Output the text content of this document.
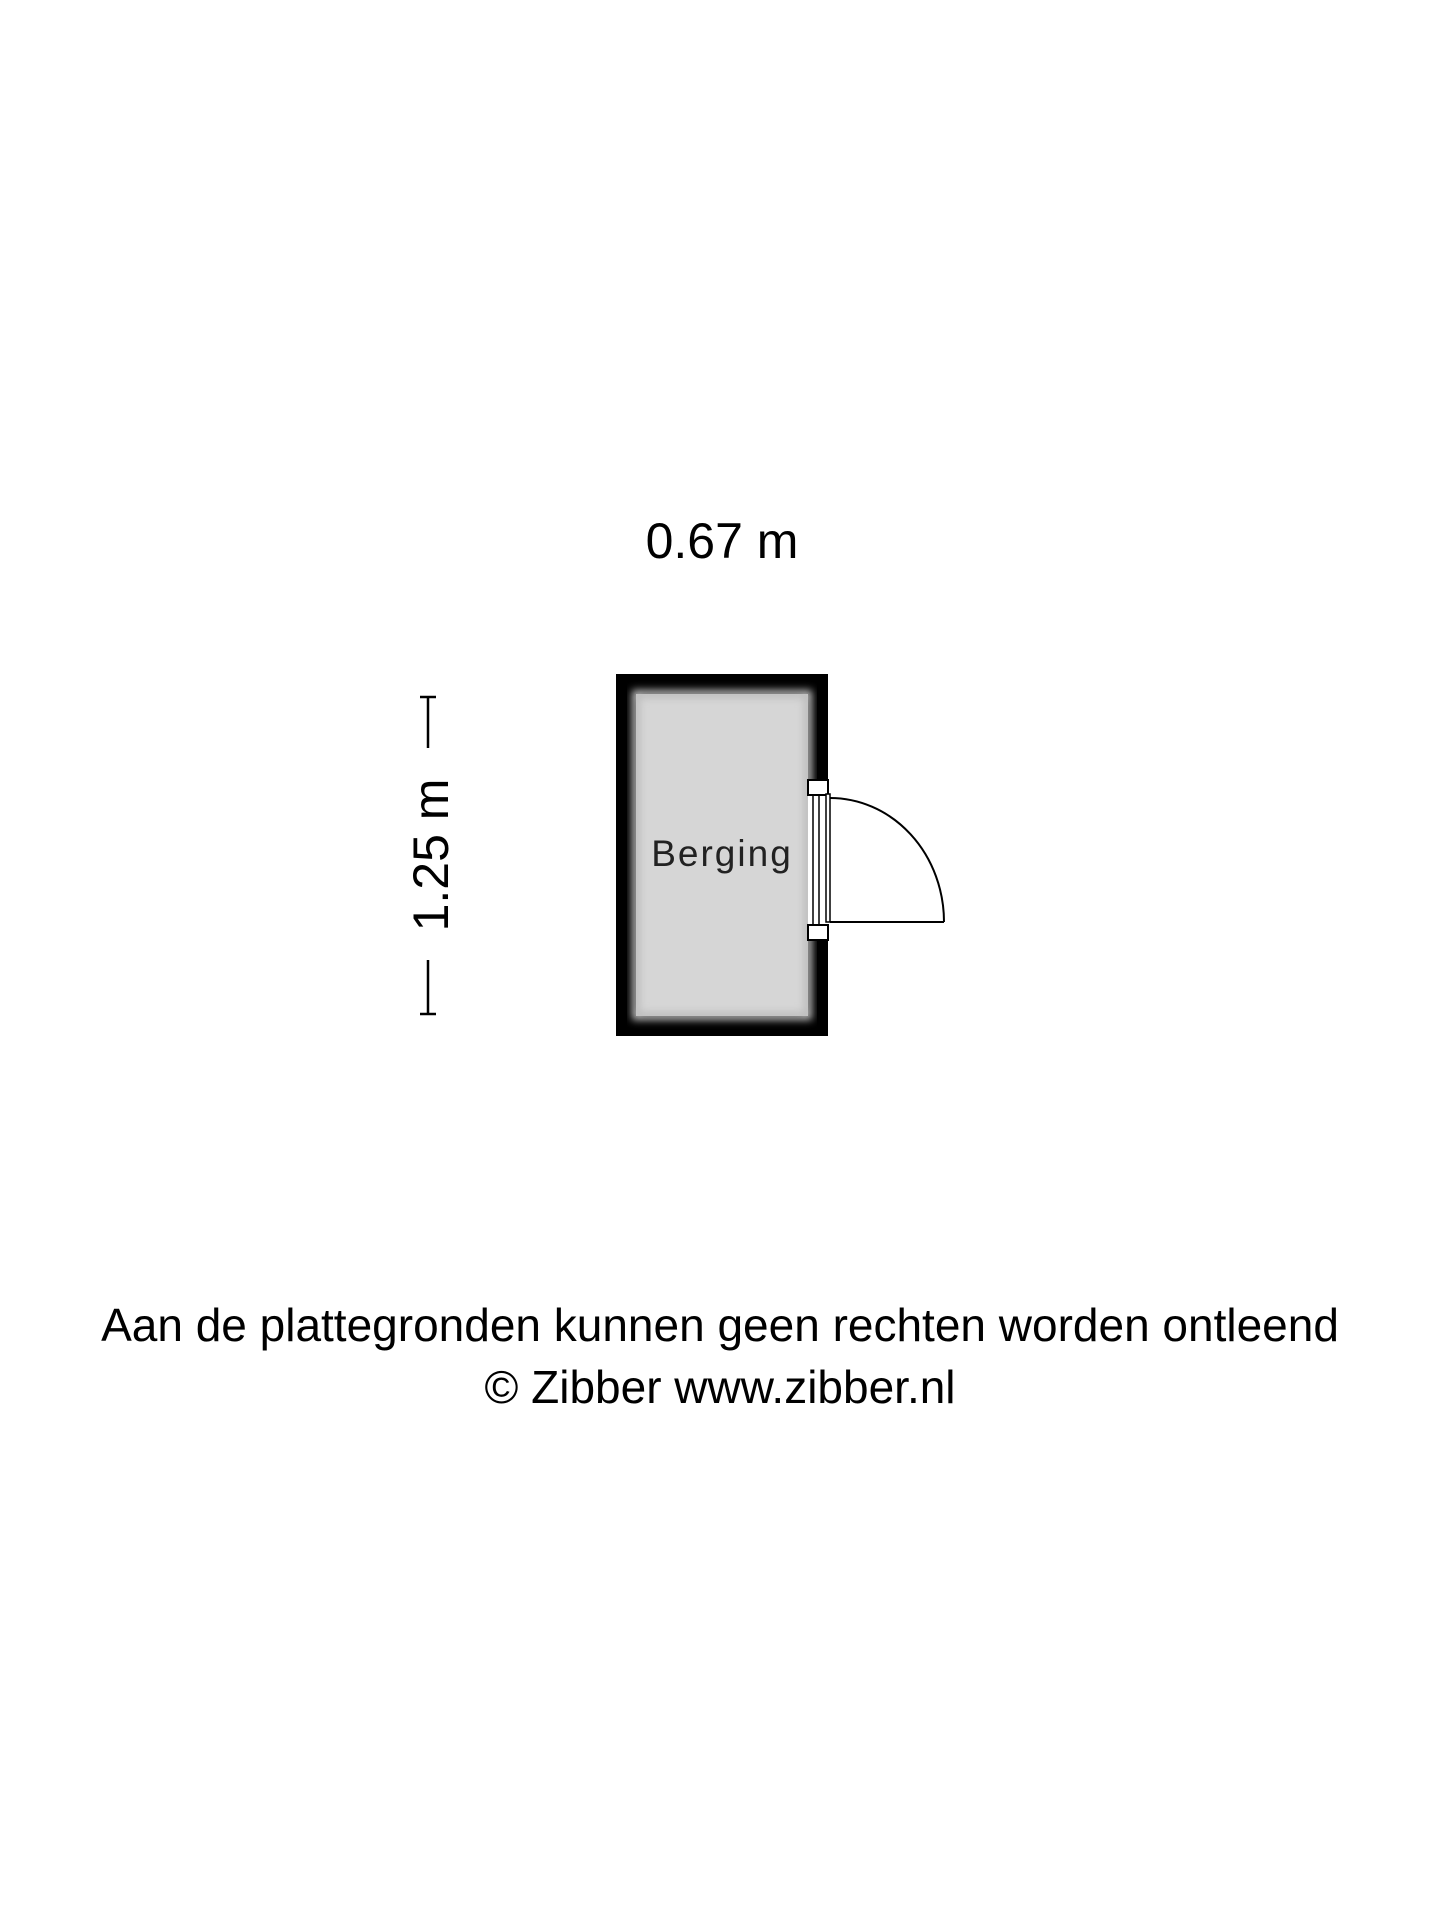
0.67 m
1.25 m	Berging
Aan de plattegronden kunnen geen rechten worden ontleend
© Zibber www.zibber.nl
